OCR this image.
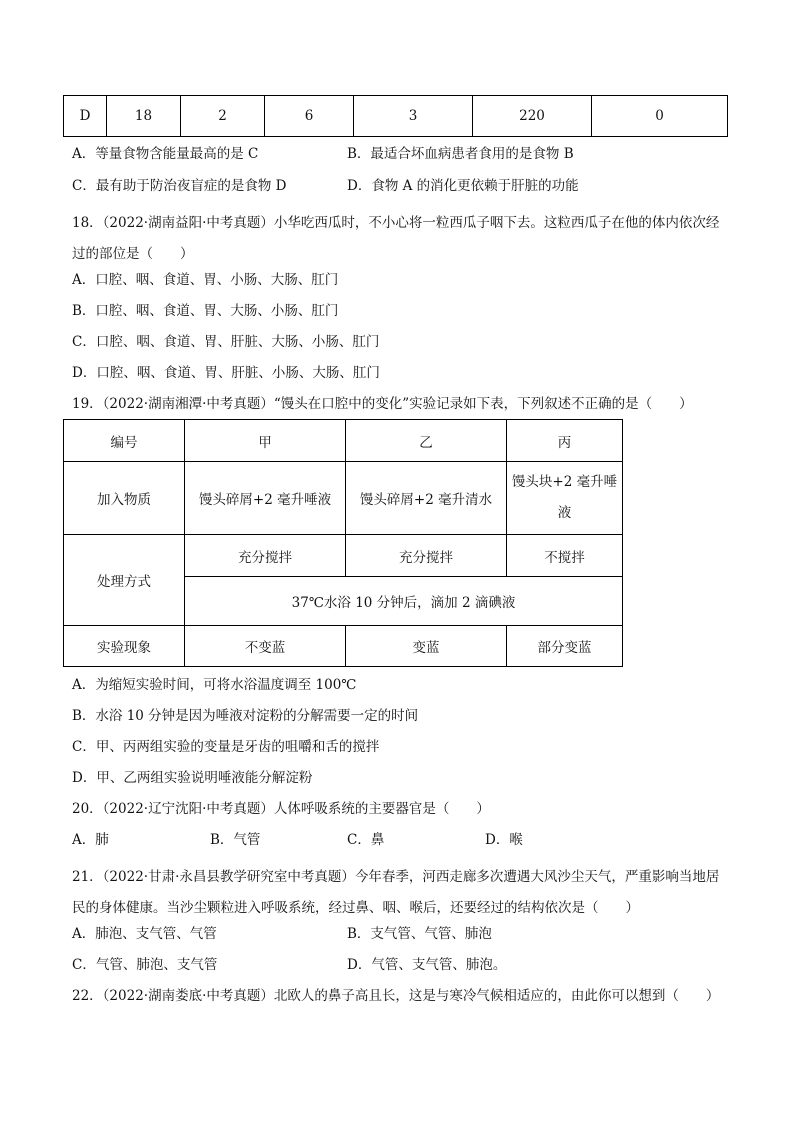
D	18	2	6	3	220	0
A．等量食物含能量最高的是 C	B．最适合坏血病患者食用的是食物 B
C．最有助于防治夜盲症的是食物 D	D．食物 A 的消化更依赖于肝脏的功能
18．（2022·湖南益阳·中考真题）小华吃西瓜时，不小心将一粒西瓜子咽下去。这粒西瓜子在他的体内依次经过的部位是（　　）
A．口腔、咽、食道、胃、小肠、大肠、肛门
B．口腔、咽、食道、胃、大肠、小肠、肛门
C．口腔、咽、食道、胃、肝脏、大肠、小肠、肛门
D．口腔、咽、食道、胃、肝脏、小肠、大肠、肛门
19．（2022·湖南湘潭·中考真题）“馒头在口腔中的变化”实验记录如下表，下列叙述不正确的是（　　）
编号	甲	乙	丙
加入物质	馒头碎屑+2 毫升唾液	馒头碎屑+2 毫升清水	馒头块+2 毫升唾液
处理方式	充分搅拌	充分搅拌	不搅拌
	37℃水浴 10 分钟后，滴加 2 滴碘液		
实验现象	不变蓝	变蓝	部分变蓝
A．为缩短实验时间，可将水浴温度调至 100℃
B．水浴 10 分钟是因为唾液对淀粉的分解需要一定的时间
C．甲、丙两组实验的变量是牙齿的咀嚼和舌的搅拌
D．甲、乙两组实验说明唾液能分解淀粉
20．（2022·辽宁沈阳·中考真题）人体呼吸系统的主要器官是（　　）
A．肺	B．气管	C．鼻	D．喉
21．（2022·甘肃·永昌县教学研究室中考真题）今年春季，河西走廊多次遭遇大风沙尘天气，严重影响当地居民的身体健康。当沙尘颗粒进入呼吸系统，经过鼻、咽、喉后，还要经过的结构依次是（　　）
A．肺泡、支气管、气管	B．支气管、气管、肺泡
C．气管、肺泡、支气管	D．气管、支气管、肺泡。
22．（2022·湖南娄底·中考真题）北欧人的鼻子高且长，这是与寒冷气候相适应的，由此你可以想到（　　）
